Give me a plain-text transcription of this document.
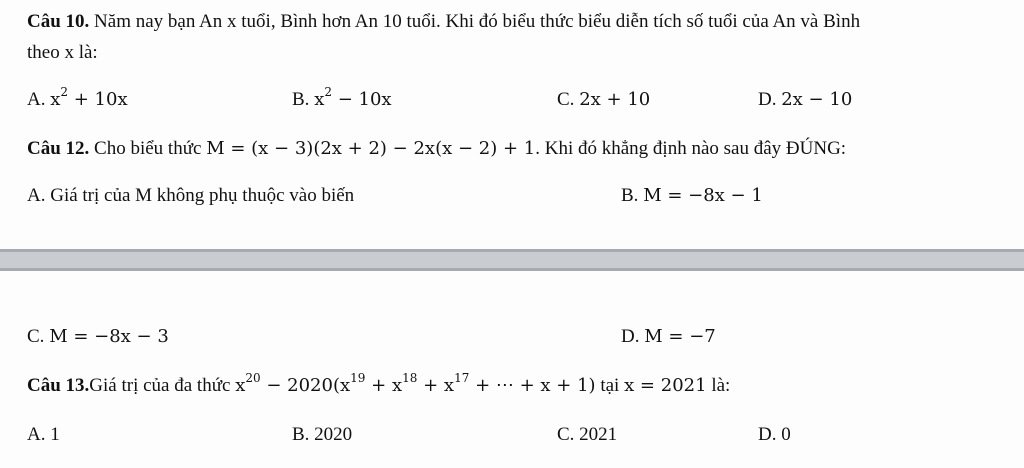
Câu 10. Năm nay bạn An x tuổi, Bình hơn An 10 tuổi. Khi đó biểu thức biểu diễn tích số tuổi của An và Bình
theo x là:
A. $x^2 + 10x$	B. $x^2 - 10x$	C. 2x + 10	D. 2x − 10
Câu 12. Cho biểu thức M = (x − 3)(2x + 2) − 2x(x − 2) + 1. Khi đó khẳng định nào sau đây ĐÚNG:
A. Giá trị của M không phụ thuộc vào biến	B. M = −8x − 1
C. M = −8x − 3	D. M = −7
Câu 13.Giá trị của đa thức $x^{20} - 2020(x^{19} + x^{18} + x^{17}$ + ⋯ + x + 1) tại x = 2021 là:
A. 1	B. 2020	C. 2021	D. 0
